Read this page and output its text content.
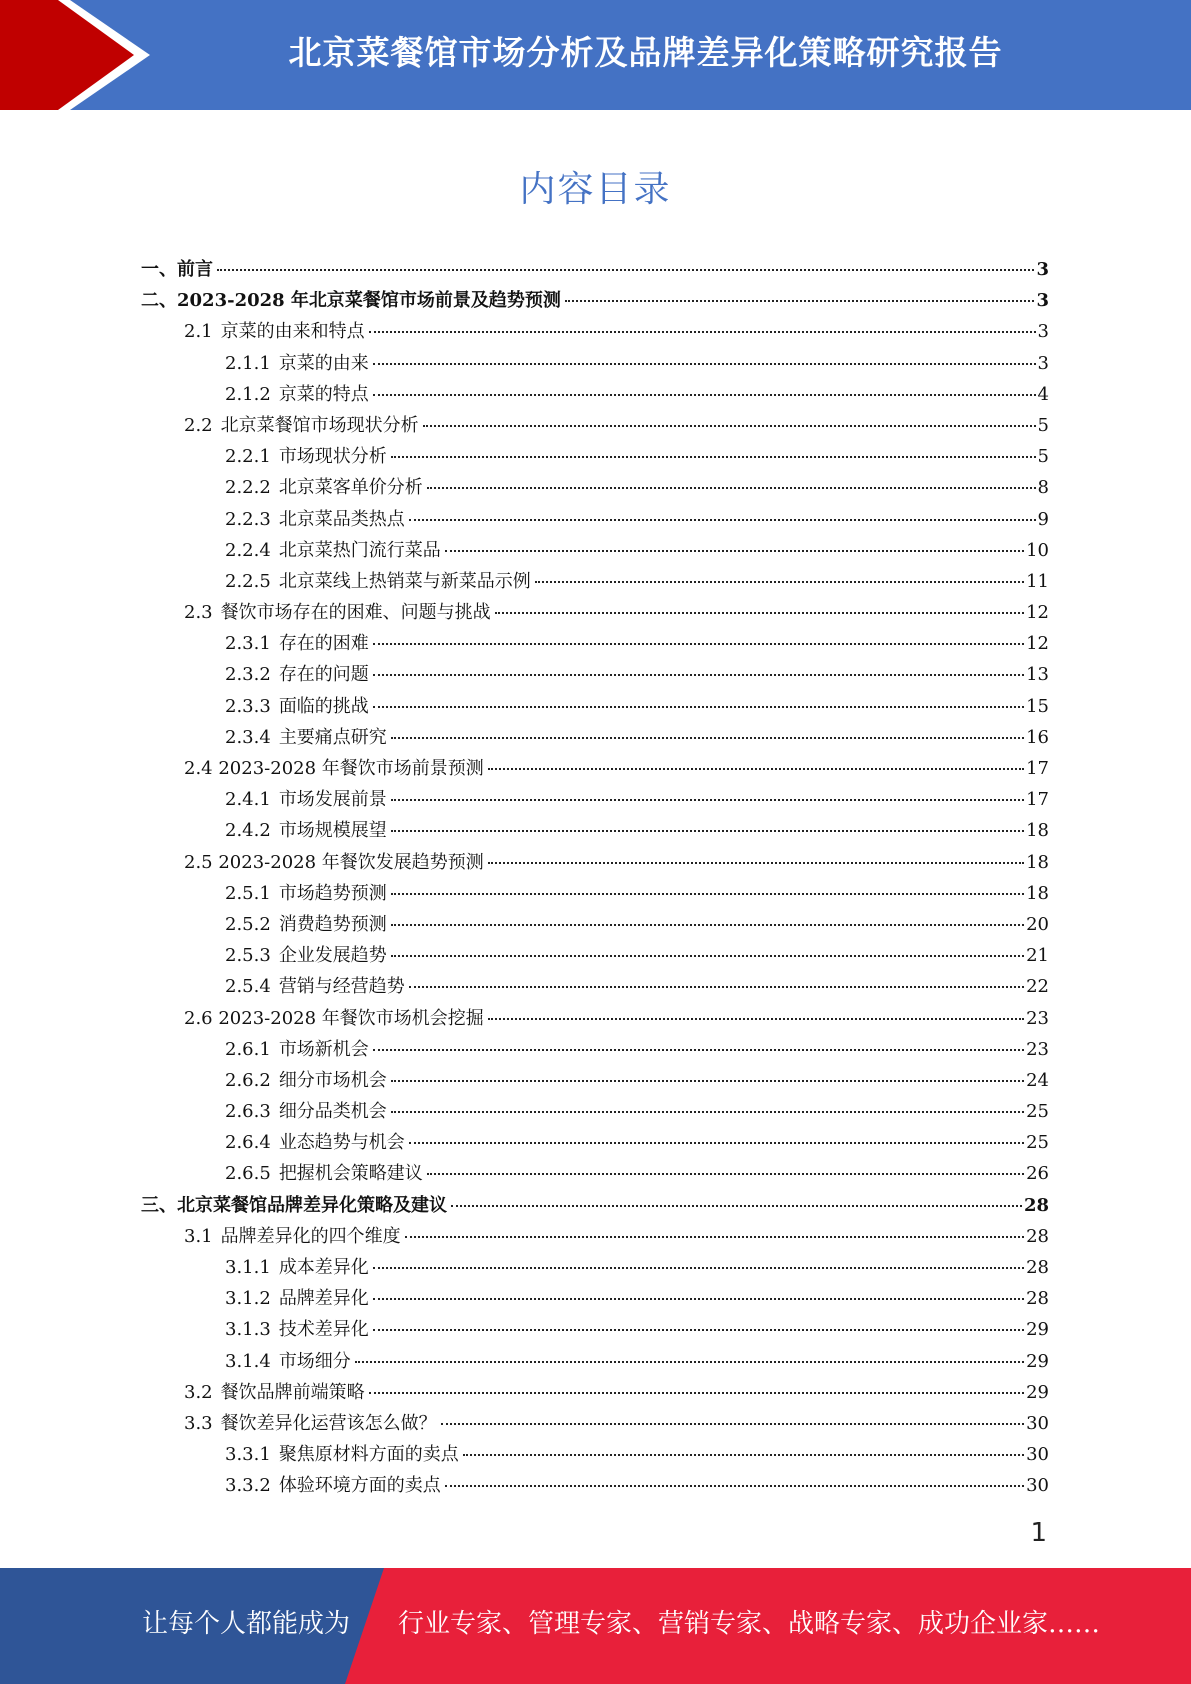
北京菜餐馆市场分析及品牌差异化策略研究报告
内容目录
一、前言	3
二、2023-2028 年北京菜餐馆市场前景及趋势预测	3
2.1 京菜的由来和特点	3
2.1.1 京菜的由来	3
2.1.2 京菜的特点	4
2.2 北京菜餐馆市场现状分析	5
2.2.1 市场现状分析	5
2.2.2 北京菜客单价分析	8
2.2.3 北京菜品类热点	9
2.2.4 北京菜热门流行菜品	10
2.2.5 北京菜线上热销菜与新菜品示例	11
2.3 餐饮市场存在的困难、问题与挑战	12
2.3.1 存在的困难	12
2.3.2 存在的问题	13
2.3.3 面临的挑战	15
2.3.4 主要痛点研究	16
2.4 2023-2028 年餐饮市场前景预测	17
2.4.1 市场发展前景	17
2.4.2 市场规模展望	18
2.5 2023-2028 年餐饮发展趋势预测	18
2.5.1 市场趋势预测	18
2.5.2 消费趋势预测	20
2.5.3 企业发展趋势	21
2.5.4 营销与经营趋势	22
2.6 2023-2028 年餐饮市场机会挖掘	23
2.6.1 市场新机会	23
2.6.2 细分市场机会	24
2.6.3 细分品类机会	25
2.6.4 业态趋势与机会	25
2.6.5 把握机会策略建议	26
三、北京菜餐馆品牌差异化策略及建议	28
3.1 品牌差异化的四个维度	28
3.1.1 成本差异化	28
3.1.2 品牌差异化	28
3.1.3 技术差异化	29
3.1.4 市场细分	29
3.2 餐饮品牌前端策略	29
3.3 餐饮差异化运营该怎么做？	30
3.3.1 聚焦原材料方面的卖点	30
3.3.2 体验环境方面的卖点	30
1
让每个人都能成为 行业专家、管理专家、营销专家、战略专家、成功企业家……
